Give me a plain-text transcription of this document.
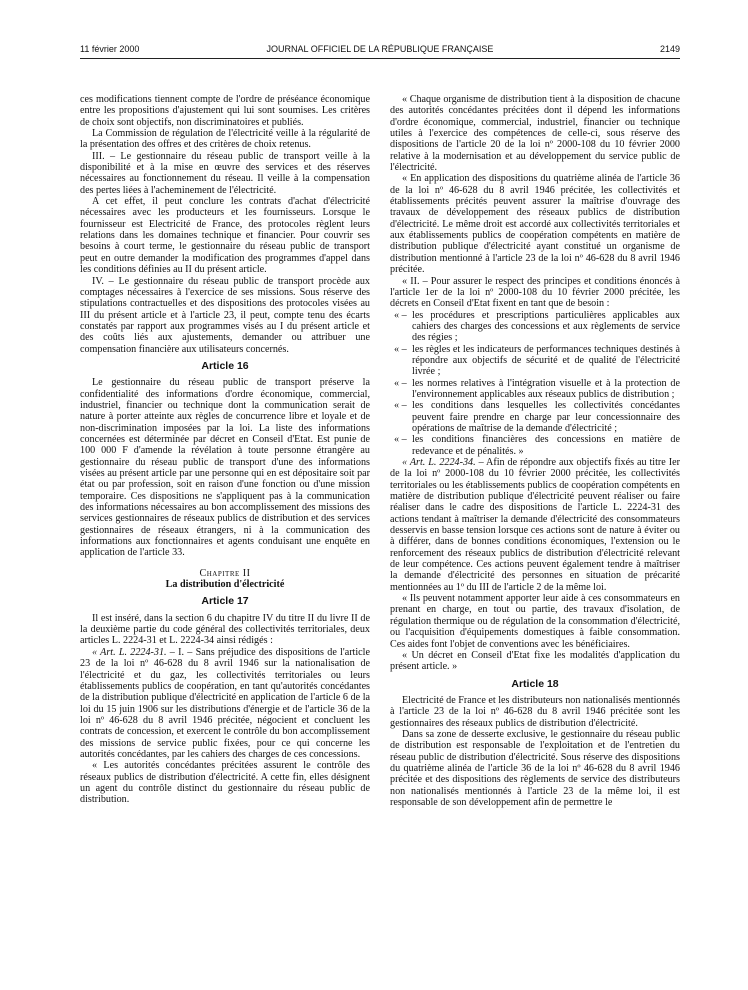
11 février 2000	JOURNAL OFFICIEL DE LA RÉPUBLIQUE FRANÇAISE	2149

ces modifications tiennent compte de l'ordre de préséance économique entre les propositions d'ajustement qui lui sont soumises. Les critères de choix sont objectifs, non discriminatoires et publiés.

La Commission de régulation de l'électricité veille à la régularité de la présentation des offres et des critères de choix retenus.

III. – Le gestionnaire du réseau public de transport veille à la disponibilité et à la mise en œuvre des services et des réserves nécessaires au fonctionnement du réseau. Il veille à la compensation des pertes liées à l'acheminement de l'électricité.

A cet effet, il peut conclure les contrats d'achat d'électricité nécessaires avec les producteurs et les fournisseurs. Lorsque le fournisseur est Electricité de France, des protocoles règlent leurs relations dans les domaines technique et financier. Pour couvrir ses besoins à court terme, le gestionnaire du réseau public de transport peut en outre demander la modification des programmes d'appel dans les conditions définies au II du présent article.

IV. – Le gestionnaire du réseau public de transport procède aux comptages nécessaires à l'exercice de ses missions. Sous réserve des stipulations contractuelles et des dispositions des protocoles visées au III du présent article et à l'article 23, il peut, compte tenu des écarts constatés par rapport aux programmes visés au I du présent article et des coûts liés aux ajustements, demander ou attribuer une compensation financière aux utilisateurs concernés.

Article 16

Le gestionnaire du réseau public de transport préserve la confidentialité des informations d'ordre économique, commercial, industriel, financier ou technique dont la communication serait de nature à porter atteinte aux règles de concurrence libre et loyale et de non-discrimination imposées par la loi. La liste des informations concernées est déterminée par décret en Conseil d'Etat. Est punie de 100 000 F d'amende la révélation à toute personne étrangère au gestionnaire du réseau public de transport d'une des informations visées au présent article par une personne qui en est dépositaire soit par état ou par profession, soit en raison d'une fonction ou d'une mission temporaire. Ces dispositions ne s'appliquent pas à la communication des informations nécessaires au bon accomplissement des missions des services gestionnaires de réseaux publics de distribution et des services gestionnaires de réseaux étrangers, ni à la communication des informations aux fonctionnaires et agents conduisant une enquête en application de l'article 33.

Chapitre II

La distribution d'électricité

Article 17

Il est inséré, dans la section 6 du chapitre IV du titre II du livre II de la deuxième partie du code général des collectivités territoriales, deux articles L. 2224-31 et L. 2224-34 ainsi rédigés :

« Art. L. 2224-31. – I. – Sans préjudice des dispositions de l'article 23 de la loi nº 46-628 du 8 avril 1946 sur la nationalisation de l'électricité et du gaz, les collectivités territoriales ou leurs établissements publics de coopération, en tant qu'autorités concédantes de la distribution publique d'électricité en application de l'article 6 de la loi du 15 juin 1906 sur les distributions d'énergie et de l'article 36 de la loi nº 46-628 du 8 avril 1946 précitée, négocient et concluent les contrats de concession, et exercent le contrôle du bon accomplissement des missions de service public fixées, pour ce qui concerne les autorités concédantes, par les cahiers des charges de ces concessions.

« Les autorités concédantes précitées assurent le contrôle des réseaux publics de distribution d'électricité. A cette fin, elles désignent un agent du contrôle distinct du gestionnaire du réseau public de distribution.

« Chaque organisme de distribution tient à la disposition de chacune des autorités concédantes précitées dont il dépend les informations d'ordre économique, commercial, industriel, financier ou technique utiles à l'exercice des compétences de celle-ci, sous réserve des dispositions de l'article 20 de la loi nº 2000-108 du 10 février 2000 relative à la modernisation et au développement du service public de l'électricité.

« En application des dispositions du quatrième alinéa de l'article 36 de la loi nº 46-628 du 8 avril 1946 précitée, les collectivités et établissements précités peuvent assurer la maîtrise d'ouvrage des travaux de développement des réseaux publics de distribution d'électricité. Le même droit est accordé aux collectivités territoriales et aux établissements publics de coopération compétents en matière de distribution publique d'électricité ayant constitué un organisme de distribution mentionné à l'article 23 de la loi nº 46-628 du 8 avril 1946 précitée.

« II. – Pour assurer le respect des principes et conditions énoncés à l'article 1er de la loi nº 2000-108 du 10 février 2000 précitée, les décrets en Conseil d'Etat fixent en tant que de besoin :

« – les procédures et prescriptions particulières applicables aux cahiers des charges des concessions et aux règlements de service des régies ;

« – les règles et les indicateurs de performances techniques destinés à répondre aux objectifs de sécurité et de qualité de l'électricité livrée ;

« – les normes relatives à l'intégration visuelle et à la protection de l'environnement applicables aux réseaux publics de distribution ;

« – les conditions dans lesquelles les collectivités concédantes peuvent faire prendre en charge par leur concessionnaire des opérations de maîtrise de la demande d'électricité ;

« – les conditions financières des concessions en matière de redevance et de pénalités. »

« Art. L. 2224-34. – Afin de répondre aux objectifs fixés au titre Ier de la loi nº 2000-108 du 10 février 2000 précitée, les collectivités territoriales ou les établissements publics de coopération compétents en matière de distribution publique d'électricité peuvent réaliser ou faire réaliser dans le cadre des dispositions de l'article L. 2224-31 des actions tendant à maîtriser la demande d'électricité des consommateurs desservis en basse tension lorsque ces actions sont de nature à éviter ou à différer, dans de bonnes conditions économiques, l'extension ou le renforcement des réseaux publics de distribution d'électricité relevant de leur compétence. Ces actions peuvent également tendre à maîtriser la demande d'électricité des personnes en situation de précarité mentionnées au 1º du III de l'article 2 de la même loi.

« Ils peuvent notamment apporter leur aide à ces consommateurs en prenant en charge, en tout ou partie, des travaux d'isolation, de régulation thermique ou de régulation de la consommation d'électricité, ou l'acquisition d'équipements domestiques à faible consommation. Ces aides font l'objet de conventions avec les bénéficiaires.

« Un décret en Conseil d'Etat fixe les modalités d'application du présent article. »

Article 18

Electricité de France et les distributeurs non nationalisés mentionnés à l'article 23 de la loi nº 46-628 du 8 avril 1946 précitée sont les gestionnaires des réseaux publics de distribution d'électricité.

Dans sa zone de desserte exclusive, le gestionnaire du réseau public de distribution est responsable de l'exploitation et de l'entretien du réseau public de distribution d'électricité. Sous réserve des dispositions du quatrième alinéa de l'article 36 de la loi nº 46-628 du 8 avril 1946 précitée et des dispositions des règlements de service des distributeurs non nationalisés mentionnés à l'article 23 de la même loi, il est responsable de son développement afin de permettre le
